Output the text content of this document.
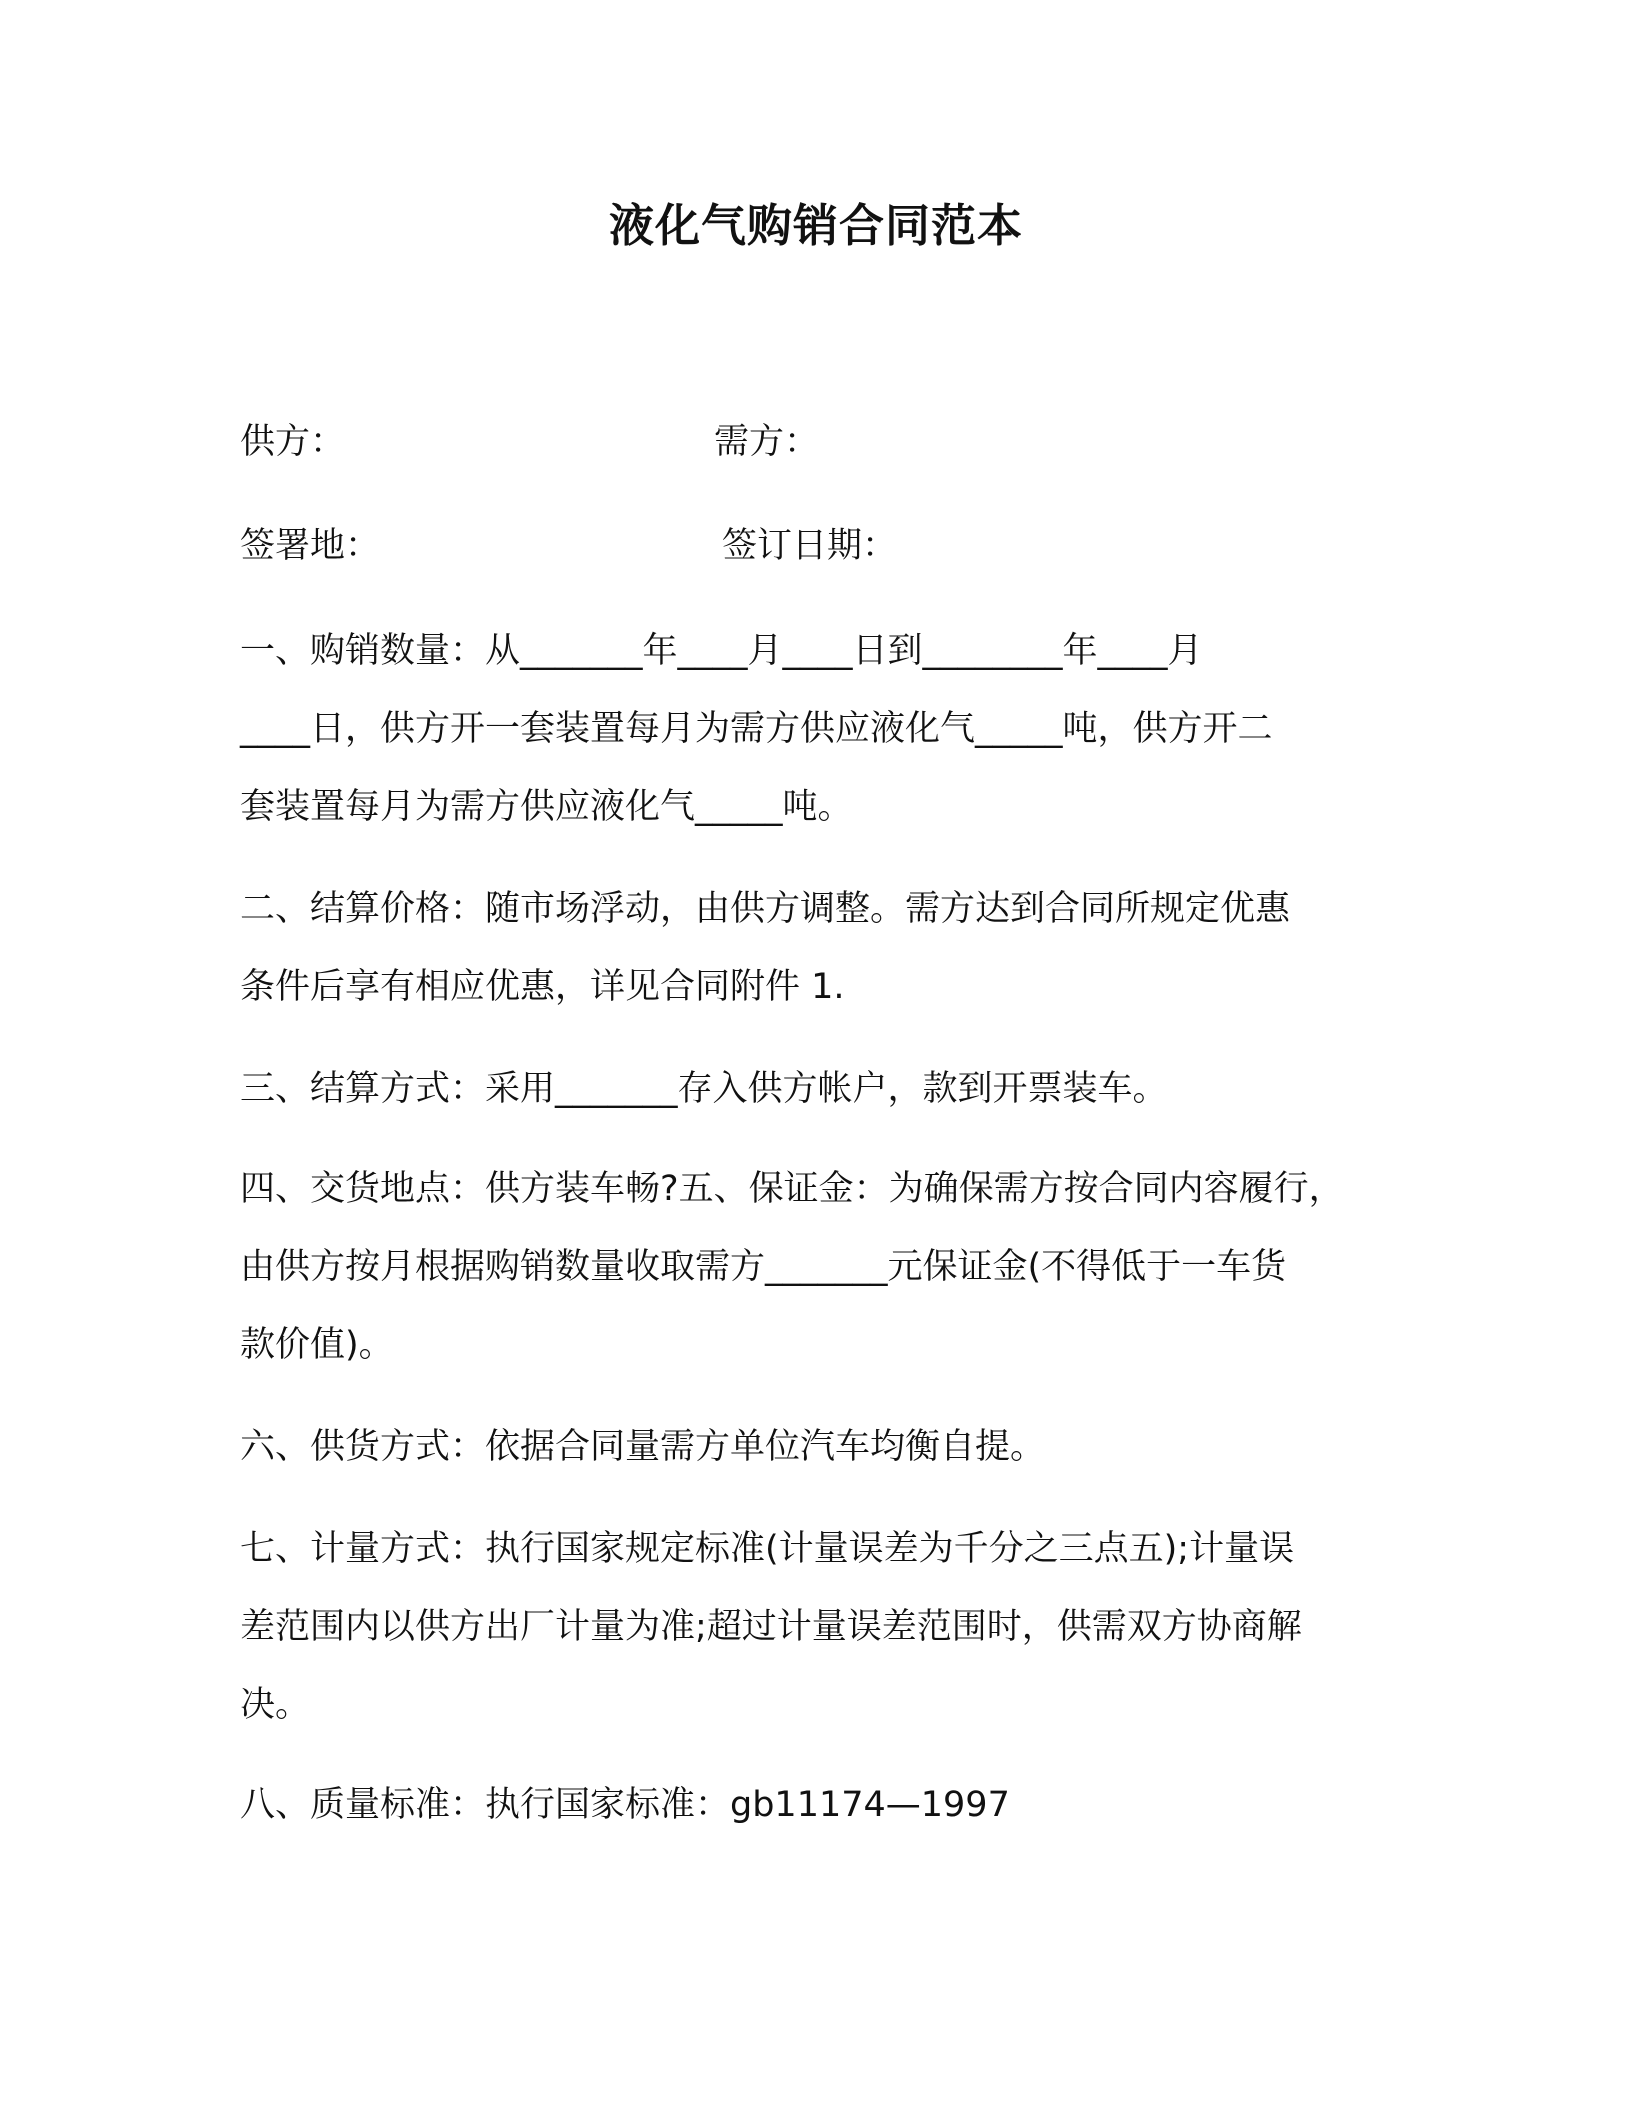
液化气购销合同范本
供方：	需方：
签署地：	签订日期：
一、购销数量：从_______年____月____日到________年____月
____日，供方开一套装置每月为需方供应液化气_____吨，供方开二
套装置每月为需方供应液化气_____吨。
二、结算价格：随市场浮动，由供方调整。需方达到合同所规定优惠
条件后享有相应优惠，详见合同附件 1.
三、结算方式：采用_______存入供方帐户，款到开票装车。
四、交货地点：供方装车畅?五、保证金：为确保需方按合同内容履行，
由供方按月根据购销数量收取需方_______元保证金(不得低于一车货
款价值)。
六、供货方式：依据合同量需方单位汽车均衡自提。
七、计量方式：执行国家规定标准(计量误差为千分之三点五);计量误
差范围内以供方出厂计量为准;超过计量误差范围时，供需双方协商解
决。
八、质量标准：执行国家标准：gb11174—1997
